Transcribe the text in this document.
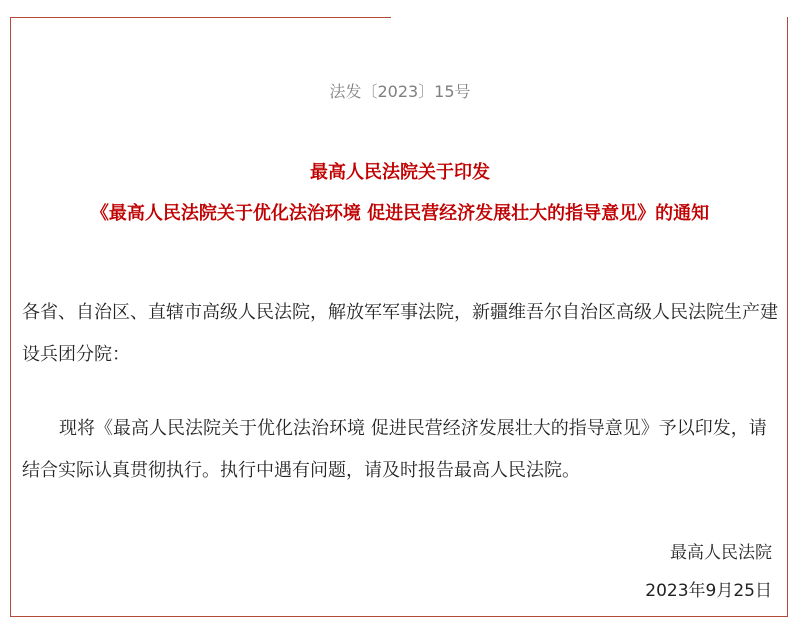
法发〔2023〕15号
最高人民法院关于印发
《最高人民法院关于优化法治环境 促进民营经济发展壮大的指导意见》的通知
各省、自治区、直辖市高级人民法院，解放军军事法院，新疆维吾尔自治区高级人民法院生产建设兵团分院：
现将《最高人民法院关于优化法治环境 促进民营经济发展壮大的指导意见》予以印发，请结合实际认真贯彻执行。执行中遇有问题，请及时报告最高人民法院。
最高人民法院
2023年9月25日
